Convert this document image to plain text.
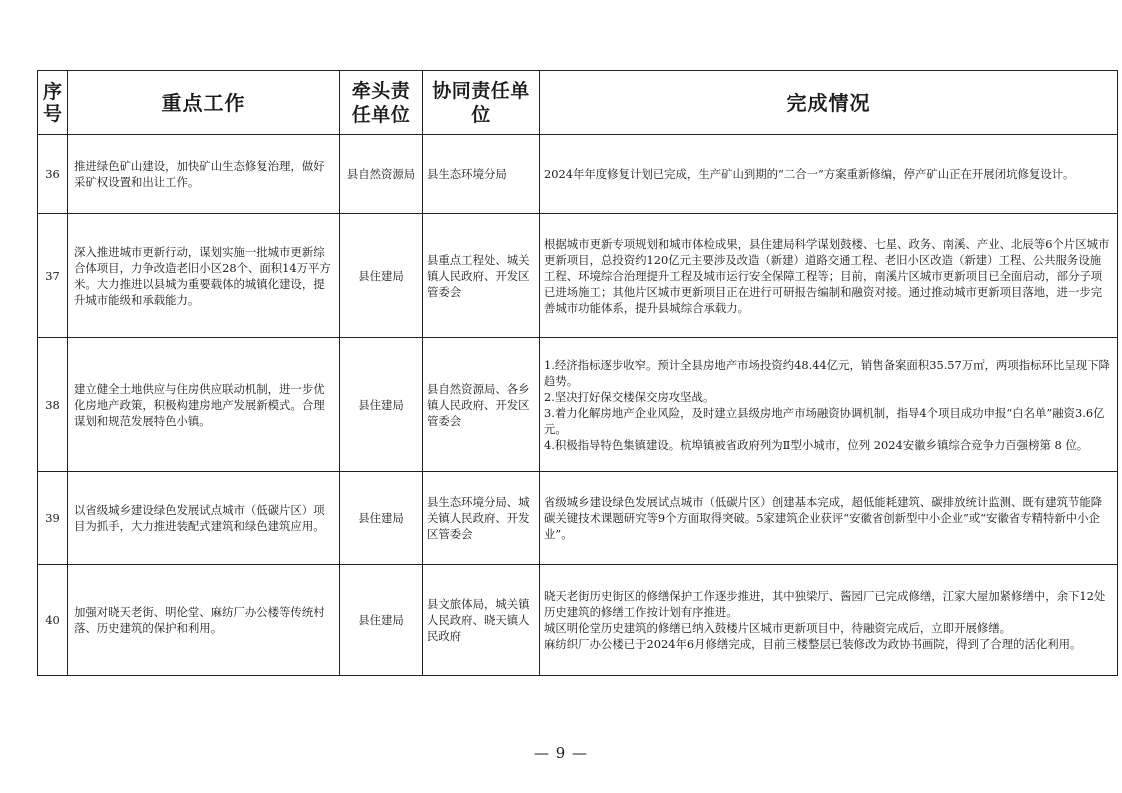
序号	重点工作	牵头责任单位	协同责任单位	完成情况
36	推进绿色矿山建设，加快矿山生态修复治理，做好采矿权设置和出让工作。	县自然资源局	县生态环境分局	2024年年度修复计划已完成，生产矿山到期的“二合一”方案重新修编，停产矿山正在开展闭坑修复设计。

37	深入推进城市更新行动，谋划实施一批城市更新综合体项目，力争改造老旧小区28个、面积14万平方米。大力推进以县城为重要载体的城镇化建设，提升城市能级和承载能力。	县住建局	县重点工程处、城关镇人民政府、开发区管委会	根据城市更新专项规划和城市体检成果，县住建局科学谋划鼓楼、七星、政务、南溪、产业、北辰等6个片区城市更新项目，总投资约120亿元主要涉及改造（新建）道路交通工程、老旧小区改造（新建）工程、公共服务设施工程、环境综合治理提升工程及城市运行安全保障工程等；目前，南溪片区城市更新项目已全面启动，部分子项已进场施工；其他片区城市更新项目正在进行可研报告编制和融资对接。通过推动城市更新项目落地，进一步完善城市功能体系，提升县城综合承载力。

38	建立健全土地供应与住房供应联动机制，进一步优化房地产政策，积极构建房地产发展新模式。合理谋划和规范发展特色小镇。	县住建局	县自然资源局、各乡镇人民政府、开发区管委会	1.经济指标逐步收窄。预计全县房地产市场投资约48.44亿元，销售备案面积35.57万㎡，两项指标环比呈现下降趋势。
2.坚决打好保交楼保交房攻坚战。
3.着力化解房地产企业风险，及时建立县级房地产市场融资协调机制，指导4个项目成功申报“白名单”融资3.6亿元。
4.积极指导特色集镇建设。杭埠镇被省政府列为Ⅱ型小城市，位列 2024安徽乡镇综合竞争力百强榜第 8 位。

39	以省级城乡建设绿色发展试点城市（低碳片区）项目为抓手，大力推进装配式建筑和绿色建筑应用。	县住建局	县生态环境分局、城关镇人民政府、开发区管委会	省级城乡建设绿色发展试点城市（低碳片区）创建基本完成，超低能耗建筑、碳排放统计监测、既有建筑节能降碳关键技术课题研究等9个方面取得突破。5家建筑企业获评“安徽省创新型中小企业”或“安徽省专精特新中小企业”。

40	加强对晓天老街、明伦堂、麻纺厂办公楼等传统村落、历史建筑的保护和利用。	县住建局	县文旅体局，城关镇人民政府、晓天镇人民政府	晓天老街历史街区的修缮保护工作逐步推进，其中独梁厅、酱园厂已完成修缮，江家大屋加紧修缮中，余下12处历史建筑的修缮工作按计划有序推进。
城区明伦堂历史建筑的修缮已纳入鼓楼片区城市更新项目中，待融资完成后，立即开展修缮。
麻纺织厂办公楼已于2024年6月修缮完成，目前三楼整层已装修改为政协书画院，得到了合理的活化利用。
— 9 —
